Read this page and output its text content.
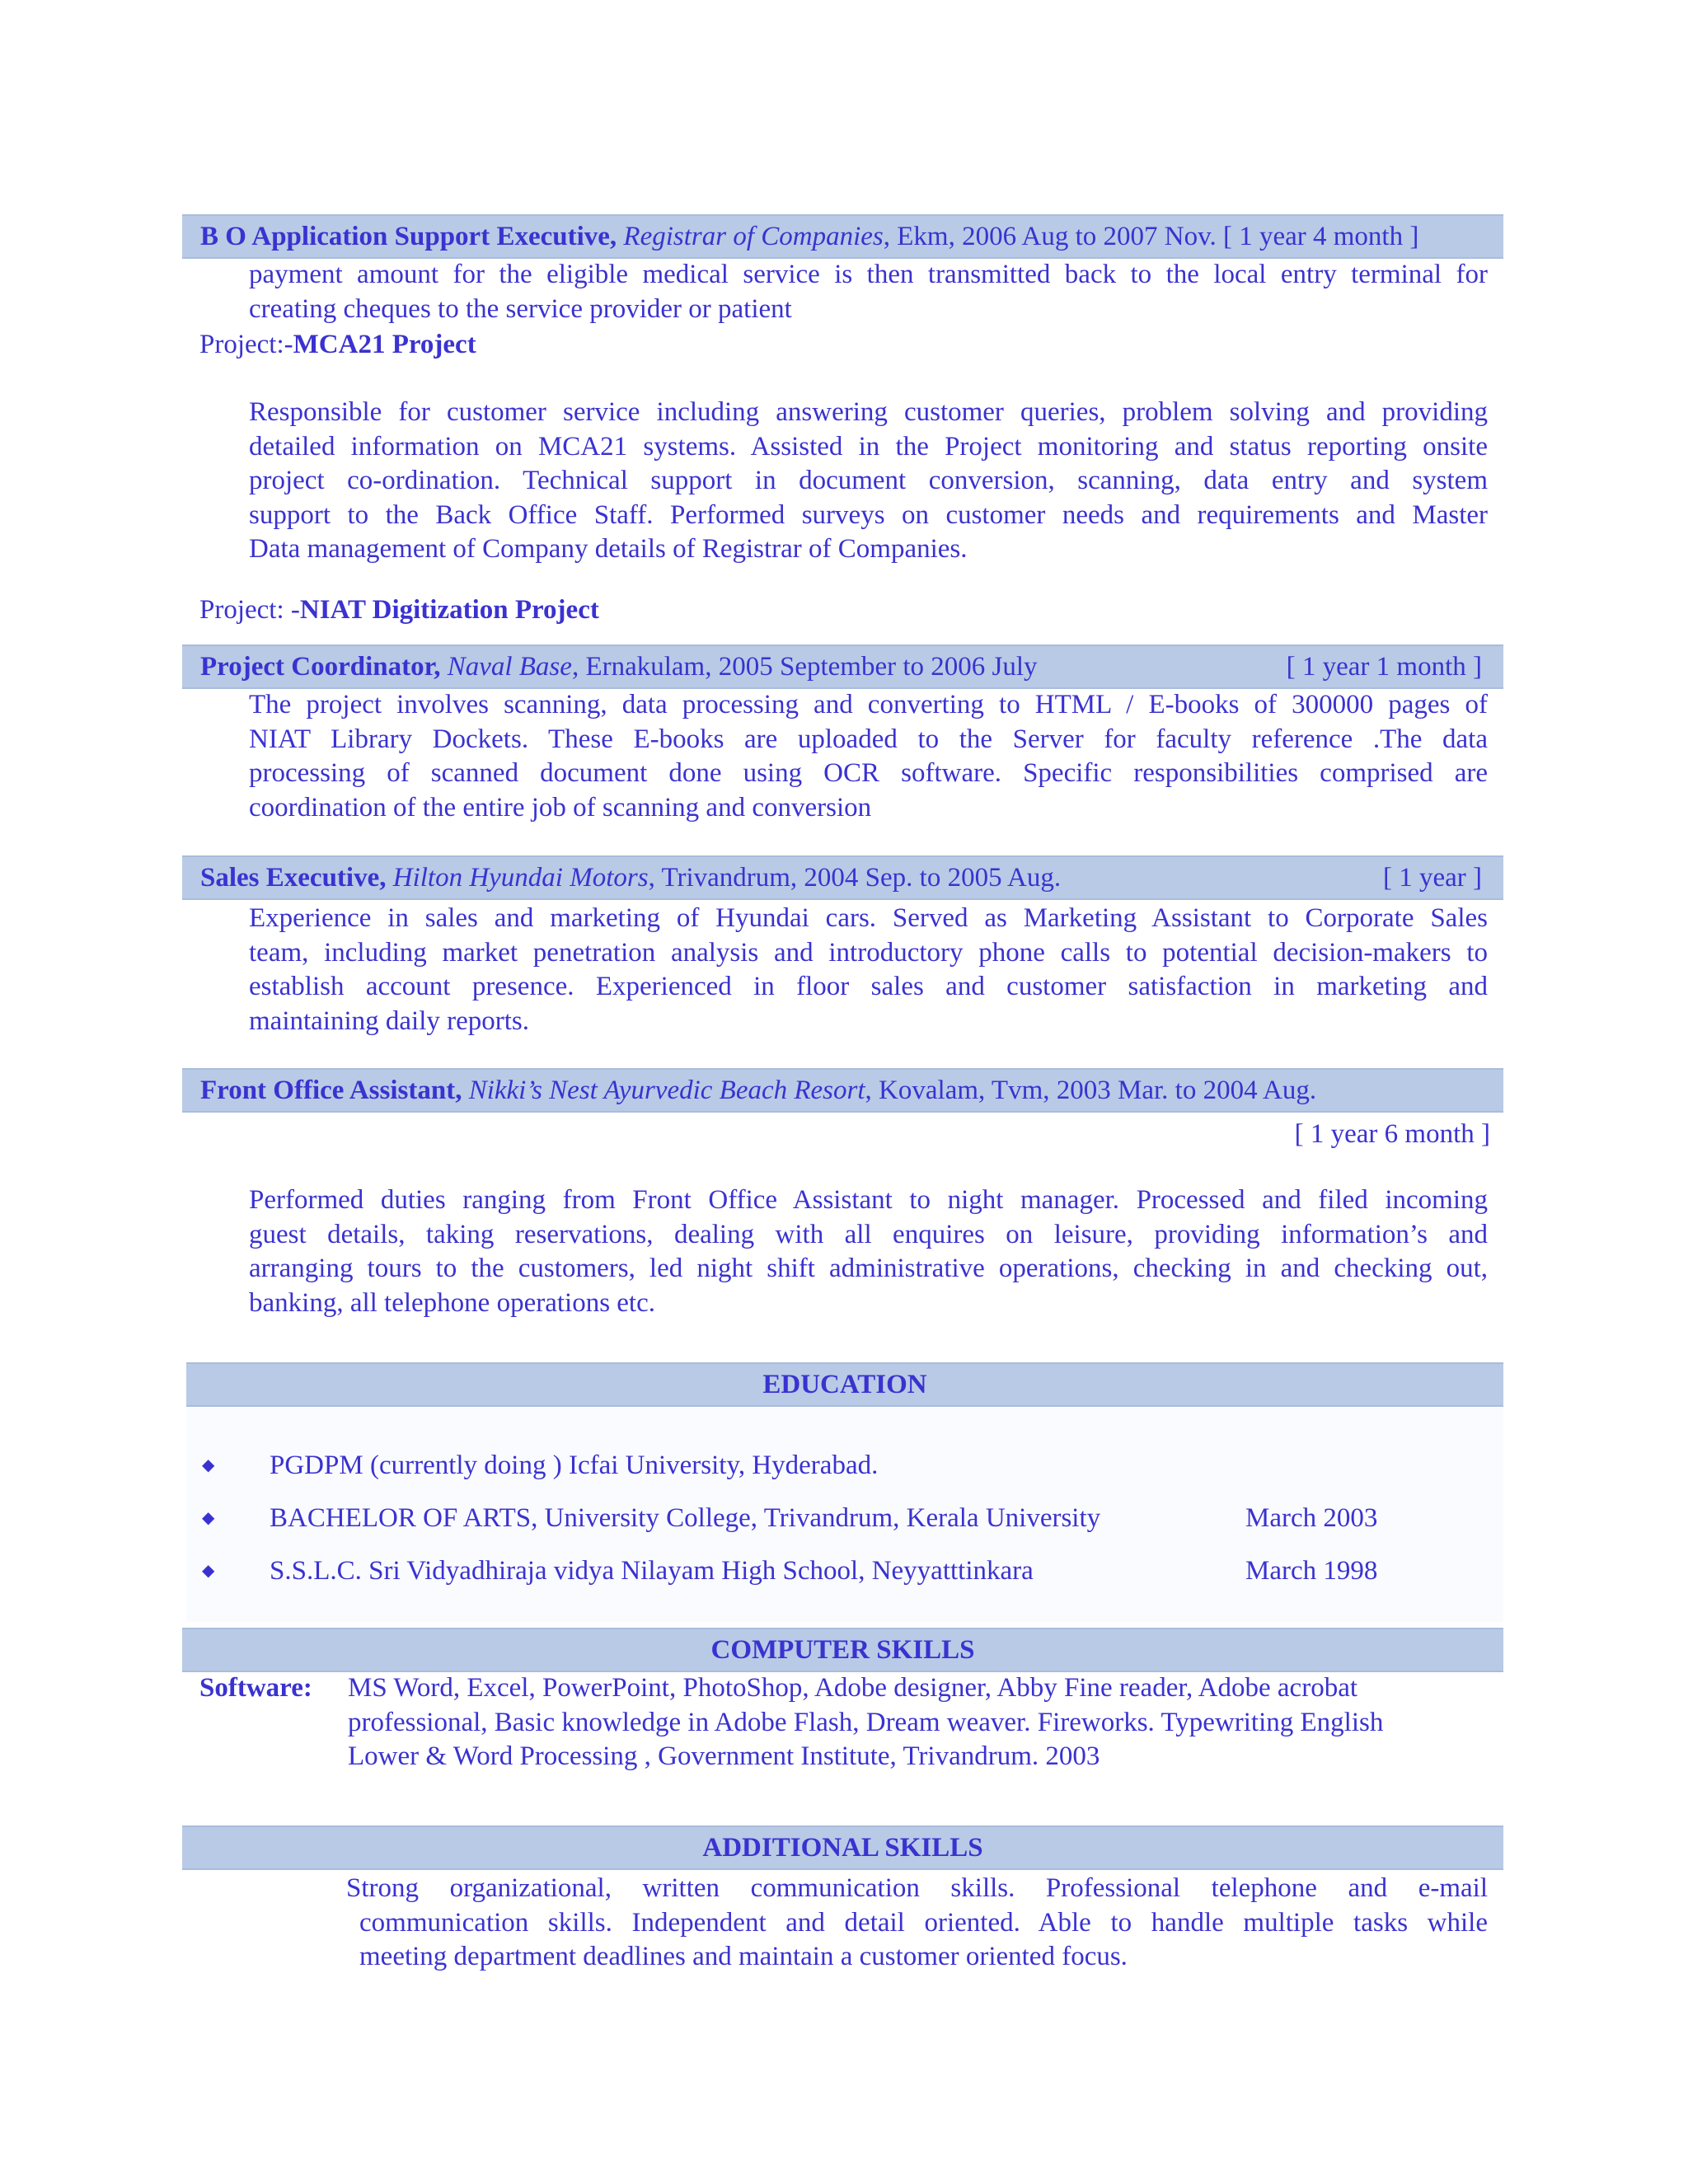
B O Application Support Executive, Registrar of Companies, Ekm, 2006 Aug to 2007 Nov. [ 1 year 4 month ]
payment amount for the eligible medical service is then transmitted back to the local entry terminal for
creating cheques to the service provider or patient
Project:-MCA21 Project
Responsible for customer service including answering customer queries, problem solving and providing
detailed information on MCA21 systems. Assisted in the Project monitoring and status reporting onsite
project co-ordination. Technical support in document conversion, scanning, data entry and system
support to the Back Office Staff. Performed surveys on customer needs and requirements and Master
Data management of Company details of Registrar of Companies.
Project: -NIAT Digitization Project
Project Coordinator, Naval Base, Ernakulam, 2005 September to 2006 July	[ 1 year 1 month ]
The project involves scanning, data processing and converting to HTML / E-books of 300000 pages of
NIAT Library Dockets. These E-books are uploaded to the Server for faculty reference .The data
processing of scanned document done using OCR software. Specific responsibilities comprised are
coordination of the entire job of scanning and conversion
Sales Executive, Hilton Hyundai Motors, Trivandrum, 2004 Sep. to 2005 Aug.	[ 1 year ]
Experience in sales and marketing of Hyundai cars. Served as Marketing Assistant to Corporate Sales
team, including market penetration analysis and introductory phone calls to potential decision-makers to
establish account presence. Experienced in floor sales and customer satisfaction in marketing and
maintaining daily reports.
Front Office Assistant, Nikki’s Nest Ayurvedic Beach Resort, Kovalam, Tvm, 2003 Mar. to 2004 Aug.
[ 1 year 6 month ]
Performed duties ranging from Front Office Assistant to night manager. Processed and filed incoming
guest details, taking reservations, dealing with all enquires on leisure, providing information’s and
arranging tours to the customers, led night shift administrative operations, checking in and checking out,
banking, all telephone operations etc.
EDUCATION
◆ PGDPM (currently doing ) Icfai University, Hyderabad.
◆ BACHELOR OF ARTS, University College, Trivandrum, Kerala University	March 2003
◆ S.S.L.C. Sri Vidyadhiraja vidya Nilayam High School, Neyyatttinkara	March 1998
COMPUTER SKILLS
Software: MS Word, Excel, PowerPoint, PhotoShop, Adobe designer, Abby Fine reader, Adobe acrobat
professional, Basic knowledge in Adobe Flash, Dream weaver. Fireworks. Typewriting English
Lower & Word Processing , Government Institute, Trivandrum. 2003
ADDITIONAL SKILLS
Strong organizational, written communication skills. Professional telephone and e-mail
communication skills. Independent and detail oriented. Able to handle multiple tasks while
meeting department deadlines and maintain a customer oriented focus.
